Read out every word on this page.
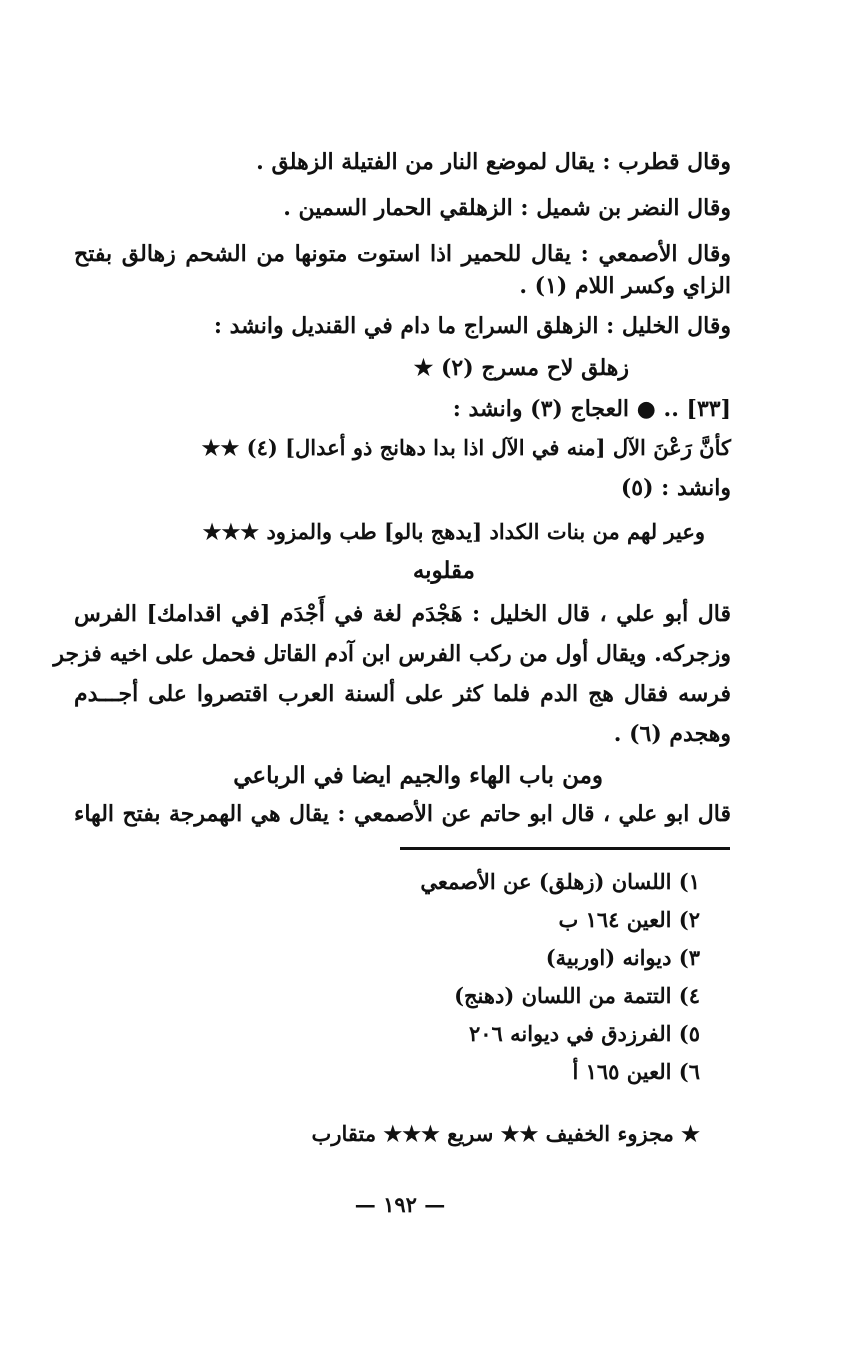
وقال قطرب : يقال لموضع النار من الفتيلة الزهلق .
وقال النضر بن شميل : الزهلقي الحمار السمين .
وقال الأصمعي : يقال للحمير اذا استوت متونها من الشحم زهالق بفتح
الزاي وكسر اللام (١) .
وقال الخليل : الزهلق السراج ما دام في القنديل وانشد :
زهلق لاح مسرج (٢) ★
[٣٣] .. ● العجاج (٣) وانشد :
كأنَّ رَعْنَ الآل [منه في الآل اذا بدا دهانج ذو أعدال] (٤) ★★
وانشد : (٥)
وعير لهم من بنات الكداد [يدهج بالو] طب والمزود ★★★
مقلوبه
قال أبو علي ، قال الخليل : هَجْدَم لغة في أَجْدَم [في اقدامك] الفرس
وزجركه. ويقال أول من ركب الفرس ابن آدم القاتل فحمل على اخيه فزجر
فرسه فقال هج الدم فلما كثر على ألسنة العرب اقتصروا على أجـــدم
وهجدم (٦) .
ومن باب الهاء والجيم ايضا في الرباعي
قال ابو علي ، قال ابو حاتم عن الأصمعي : يقال هي الهمرجة بفتح الهاء
١) اللسان (زهلق) عن الأصمعي
٢) العين ١٦٤ ب
٣) ديوانه (اوربية)
٤) التتمة من اللسان (دهنج)
٥) الفرزدق في ديوانه ٢٠٦
٦) العين ١٦٥ أ
★ مجزوء الخفيف ★★ سريع ★★★ متقارب
— ١٩٢ —
